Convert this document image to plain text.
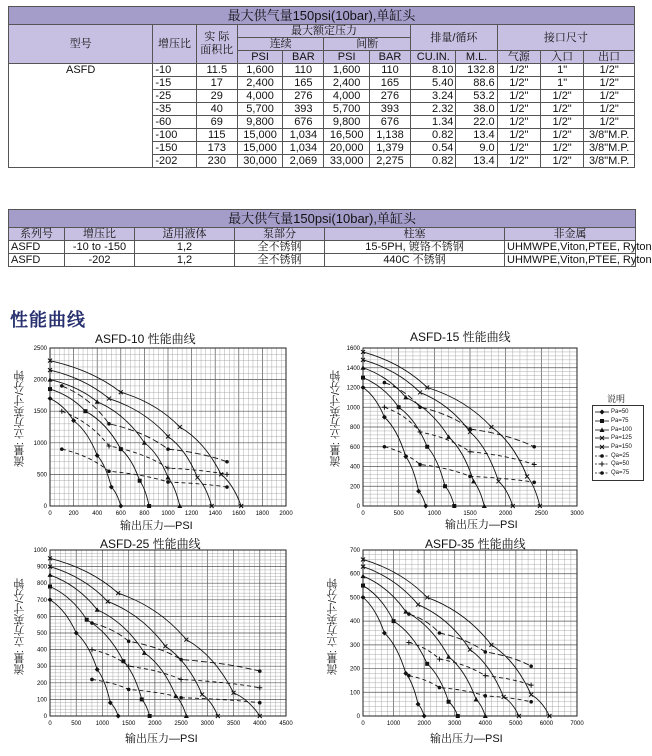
最大供气量150psi(10bar),单缸头											
型号	增压比	实 际 面积比	最大额定压力				排量/循环		接口尺寸		
			连续		间断						
			PSI	BAR	PSI	BAR	CU.IN.	M.L.	气源	入口	出口
ASFD	-10	11.5	1,600	110	1,600	110	8.10	132.8	1/2"	1"	1/2"
	-15	17	2,400	165	2,400	165	5.40	88.6	1/2"	1"	1/2"
	-25	29	4,000	276	4,000	276	3.24	53.2	1/2"	1/2"	1/2"
	-35	40	5,700	393	5,700	393	2.32	38.0	1/2"	1/2"	1/2"
	-60	69	9,800	676	9,800	676	1.34	22.0	1/2"	1/2"	1/2"
	-100	115	15,000	1,034	16,500	1,138	0.82	13.4	1/2"	1/2"	3/8"M.P.
	-150	173	15,000	1,034	20,000	1,379	0.54	9.0	1/2"	1/2"	3/8"M.P.
	-202	230	30,000	2,069	33,000	2,275	0.82	13.4	1/2"	1/2"	3/8"M.P.
最大供气量150psi(10bar),单缸头					
系列号	增压比	适用液体	泵部分	柱塞	非金属
ASFD	-10 to -150	1,2	全不锈钢	15-5PH, 镀铬不锈钢	UHMWPE,Viton,PTEE, Ryton
ASFD	-202	1,2	全不锈钢	440C 不锈钢	UHMWPE,Viton,PTEE, Ryton
性能曲线
ASFD-10 性能曲线
流量: 立方英寸/分钟
输出压力—PSI
0	200 400 600 800 1000 1200 1400 1600 1800 2000
0
500
1000
1500
2000
2500
ASFD-15 性能曲线
流量: 立方英寸/分钟
输出压力—PSI
0	500	1000	1500	2000	2500	3000
0
200
400
600
800
1000
1200
1400
1600
ASFD-25 性能曲线
流量: 立方英寸/分钟
输出压力—PSI
0	500 1000 1500 2000 2500 3000 3500 4000 4500
0
100
200
300
400
500
600
700
800
900
1000	ASFD-35 性能曲线
流量: 立方英寸/分钟
输出压力—PSI
0	1000	2000	3000	4000	5000	6000	7000
0
100
200
300
400
500
600
700
说明
Pa=50
Pa=75
Pa=100
Pa=125
Pa=150
Qa=25
Qa=50
Qa=75
